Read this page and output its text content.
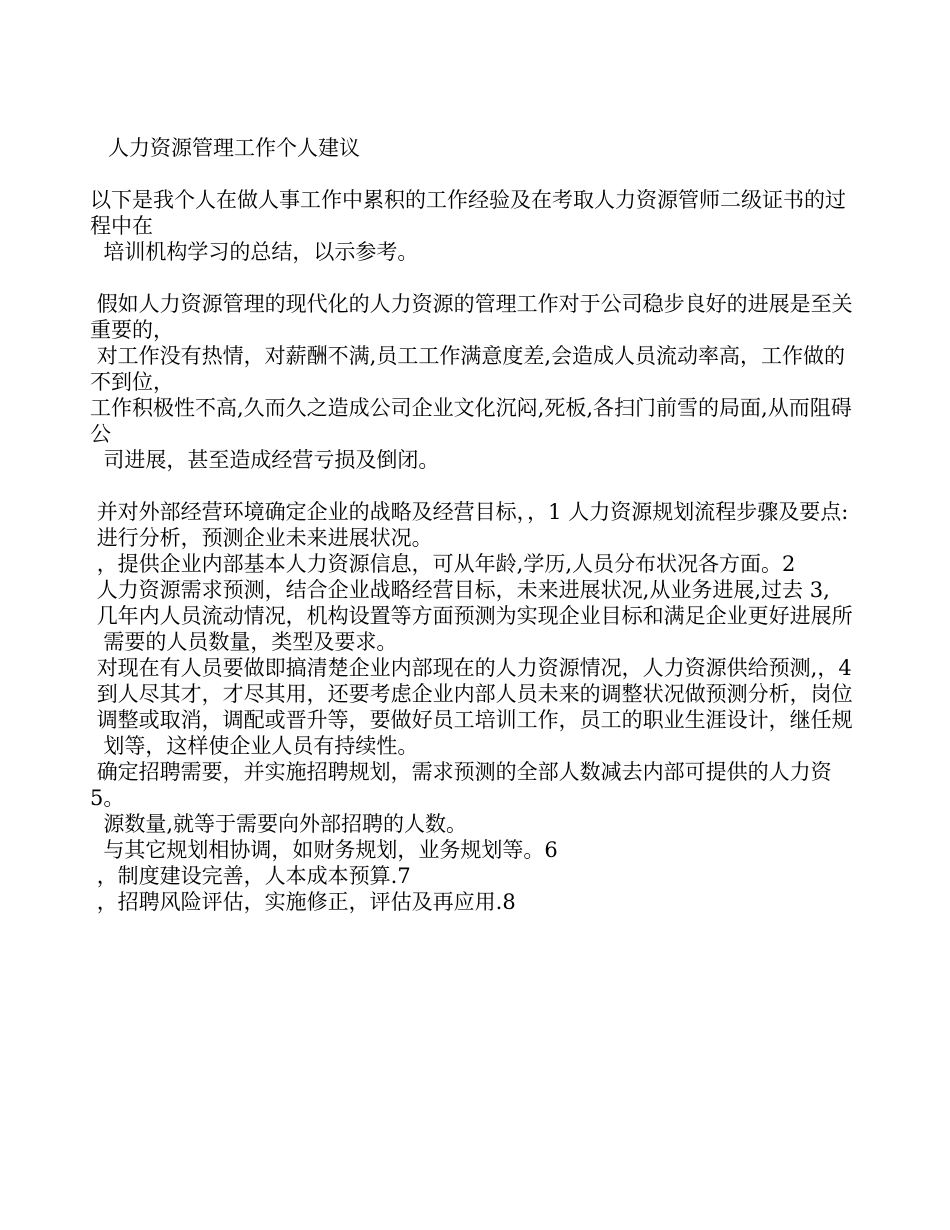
人力资源管理工作个人建议

以下是我个人在做人事工作中累积的工作经验及在考取人力资源管师二级证书的过程中在
培训机构学习的总结，以示参考。

假如人力资源管理的现代化的人力资源的管理工作对于公司稳步良好的进展是至关重要的，
对工作没有热情，对薪酬不满,员工工作满意度差,会造成人员流动率高，工作做的不到位，
工作积极性不高,久而久之造成公司企业文化沉闷,死板,各扫门前雪的局面,从而阻碍公
司进展，甚至造成经营亏损及倒闭。

并对外部经营环境确定企业的战略及经营目标，，1 人力资源规划流程步骤及要点:
进行分析，预测企业未来进展状况。
，提供企业内部基本人力资源信息，可从年龄,学历,人员分布状况各方面。2
人力资源需求预测，结合企业战略经营目标，未来进展状况,从业务进展,过去 3,
几年内人员流动情况，机构设置等方面预测为实现企业目标和满足企业更好进展所
需要的人员数量，类型及要求。
对现在有人员要做即搞清楚企业内部现在的人力资源情况，人力资源供给预测,，4
到人尽其才，才尽其用，还要考虑企业内部人员未来的调整状况做预测分析，岗位
调整或取消，调配或晋升等，要做好员工培训工作，员工的职业生涯设计，继任规
划等，这样使企业人员有持续性。
确定招聘需要，并实施招聘规划，需求预测的全部人数减去内部可提供的人力资 5。
源数量,就等于需要向外部招聘的人数。
与其它规划相协调，如财务规划，业务规划等。6
，制度建设完善，人本成本预算.7
，招聘风险评估，实施修正，评估及再应用.8
